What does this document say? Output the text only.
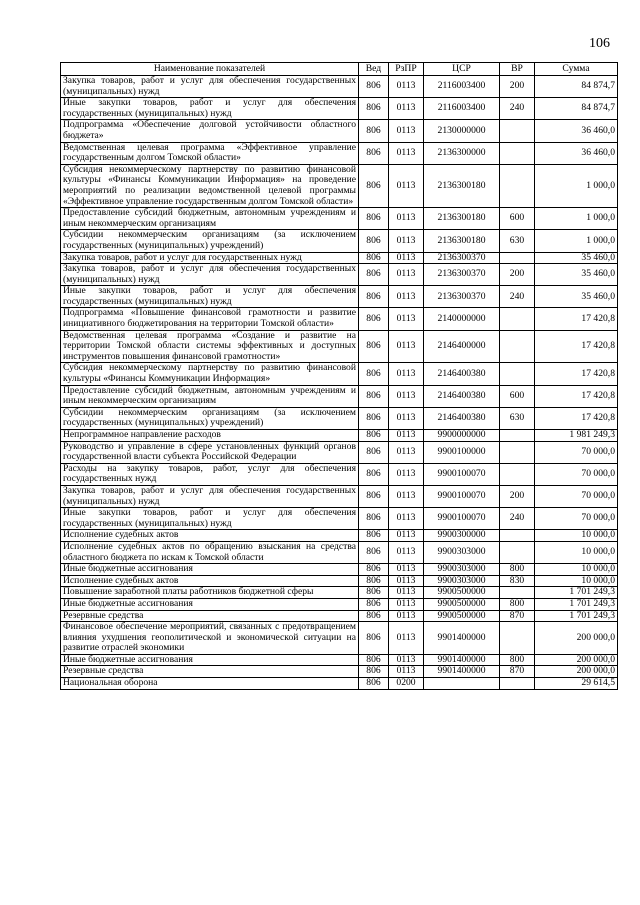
106
Наименование показателей	Вед	РзПР	ЦСР	ВР	Сумма
Закупка товаров, работ и услуг для обеспечения государственных (муниципальных) нужд	806	0113	2116003400	200	84 874,7
Иные закупки товаров, работ и услуг для обеспечения государственных (муниципальных) нужд	806	0113	2116003400	240	84 874,7
Подпрограмма «Обеспечение долговой устойчивости областного бюджета»	806	0113	2130000000		36 460,0
Ведомственная целевая программа «Эффективное управление государственным долгом Томской области»	806	0113	2136300000		36 460,0
Субсидия некоммерческому партнерству по развитию финансовой культуры «Финансы Коммуникации Информация» на проведение мероприятий по реализации ведомственной целевой программы «Эффективное управление государственным долгом Томской области»	806	0113	2136300180		1 000,0
Предоставление субсидий бюджетным, автономным учреждениям и иным некоммерческим организациям	806	0113	2136300180	600	1 000,0
Субсидии некоммерческим организациям (за исключением государственных (муниципальных) учреждений)	806	0113	2136300180	630	1 000,0
Закупка товаров, работ и услуг для государственных нужд	806	0113	2136300370		35 460,0
Закупка товаров, работ и услуг для обеспечения государственных (муниципальных) нужд	806	0113	2136300370	200	35 460,0
Иные закупки товаров, работ и услуг для обеспечения государственных (муниципальных) нужд	806	0113	2136300370	240	35 460,0
Подпрограмма «Повышение финансовой грамотности и развитие инициативного бюджетирования на территории Томской области»	806	0113	2140000000		17 420,8
Ведомственная целевая программа «Создание и развитие на территории Томской области системы эффективных и доступных инструментов повышения финансовой грамотности»	806	0113	2146400000		17 420,8
Субсидия некоммерческому партнерству по развитию финансовой культуры «Финансы Коммуникации Информация»	806	0113	2146400380		17 420,8
Предоставление субсидий бюджетным, автономным учреждениям и иным некоммерческим организациям	806	0113	2146400380	600	17 420,8
Субсидии некоммерческим организациям (за исключением государственных (муниципальных) учреждений)	806	0113	2146400380	630	17 420,8
Непрограммное направление расходов	806	0113	9900000000		1 981 249,3
Руководство и управление в сфере установленных функций органов государственной власти субъекта Российской Федерации	806	0113	9900100000		70 000,0
Расходы на закупку товаров, работ, услуг для обеспечения государственных нужд	806	0113	9900100070		70 000,0
Закупка товаров, работ и услуг для обеспечения государственных (муниципальных) нужд	806	0113	9900100070	200	70 000,0
Иные закупки товаров, работ и услуг для обеспечения государственных (муниципальных) нужд	806	0113	9900100070	240	70 000,0
Исполнение судебных актов	806	0113	9900300000		10 000,0
Исполнение судебных актов по обращению взыскания на средства областного бюджета по искам к Томской области	806	0113	9900303000		10 000,0
Иные бюджетные ассигнования	806	0113	9900303000	800	10 000,0
Исполнение судебных актов	806	0113	9900303000	830	10 000,0
Повышение заработной платы работников бюджетной сферы	806	0113	9900500000		1 701 249,3
Иные бюджетные ассигнования	806	0113	9900500000	800	1 701 249,3
Резервные средства	806	0113	9900500000	870	1 701 249,3
Финансовое обеспечение мероприятий, связанных с предотвращением влияния ухудшения геополитической и экономической ситуации на развитие отраслей экономики	806	0113	9901400000		200 000,0
Иные бюджетные ассигнования	806	0113	9901400000	800	200 000,0
Резервные средства	806	0113	9901400000	870	200 000,0
Национальная оборона	806	0200			29 614,5
